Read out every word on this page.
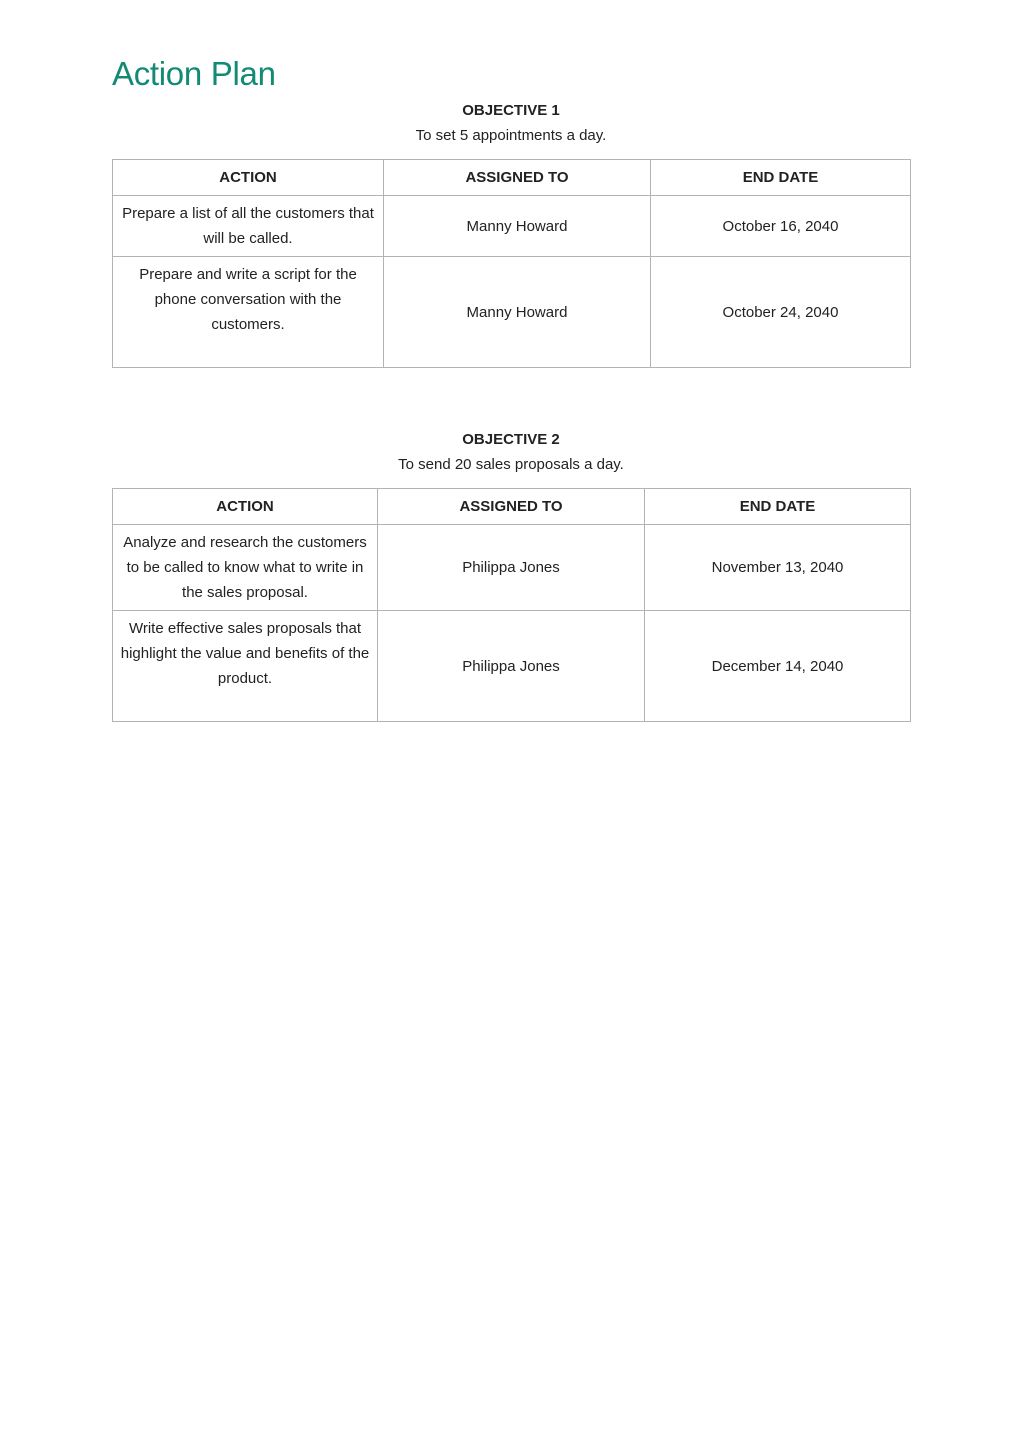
Action Plan

OBJECTIVE 1

To set 5 appointments a day.

ACTION	ASSIGNED TO	END DATE
Prepare a list of all the customers that will be called.	Manny Howard	October 16, 2040
Prepare and write a script for the phone conversation with the customers.	Manny Howard	October 24, 2040

OBJECTIVE 2

To send 20 sales proposals a day.

ACTION	ASSIGNED TO	END DATE
Analyze and research the customers to be called to know what to write in the sales proposal.	Philippa Jones	November 13, 2040
Write effective sales proposals that highlight the value and benefits of the product.	Philippa Jones	December 14, 2040
